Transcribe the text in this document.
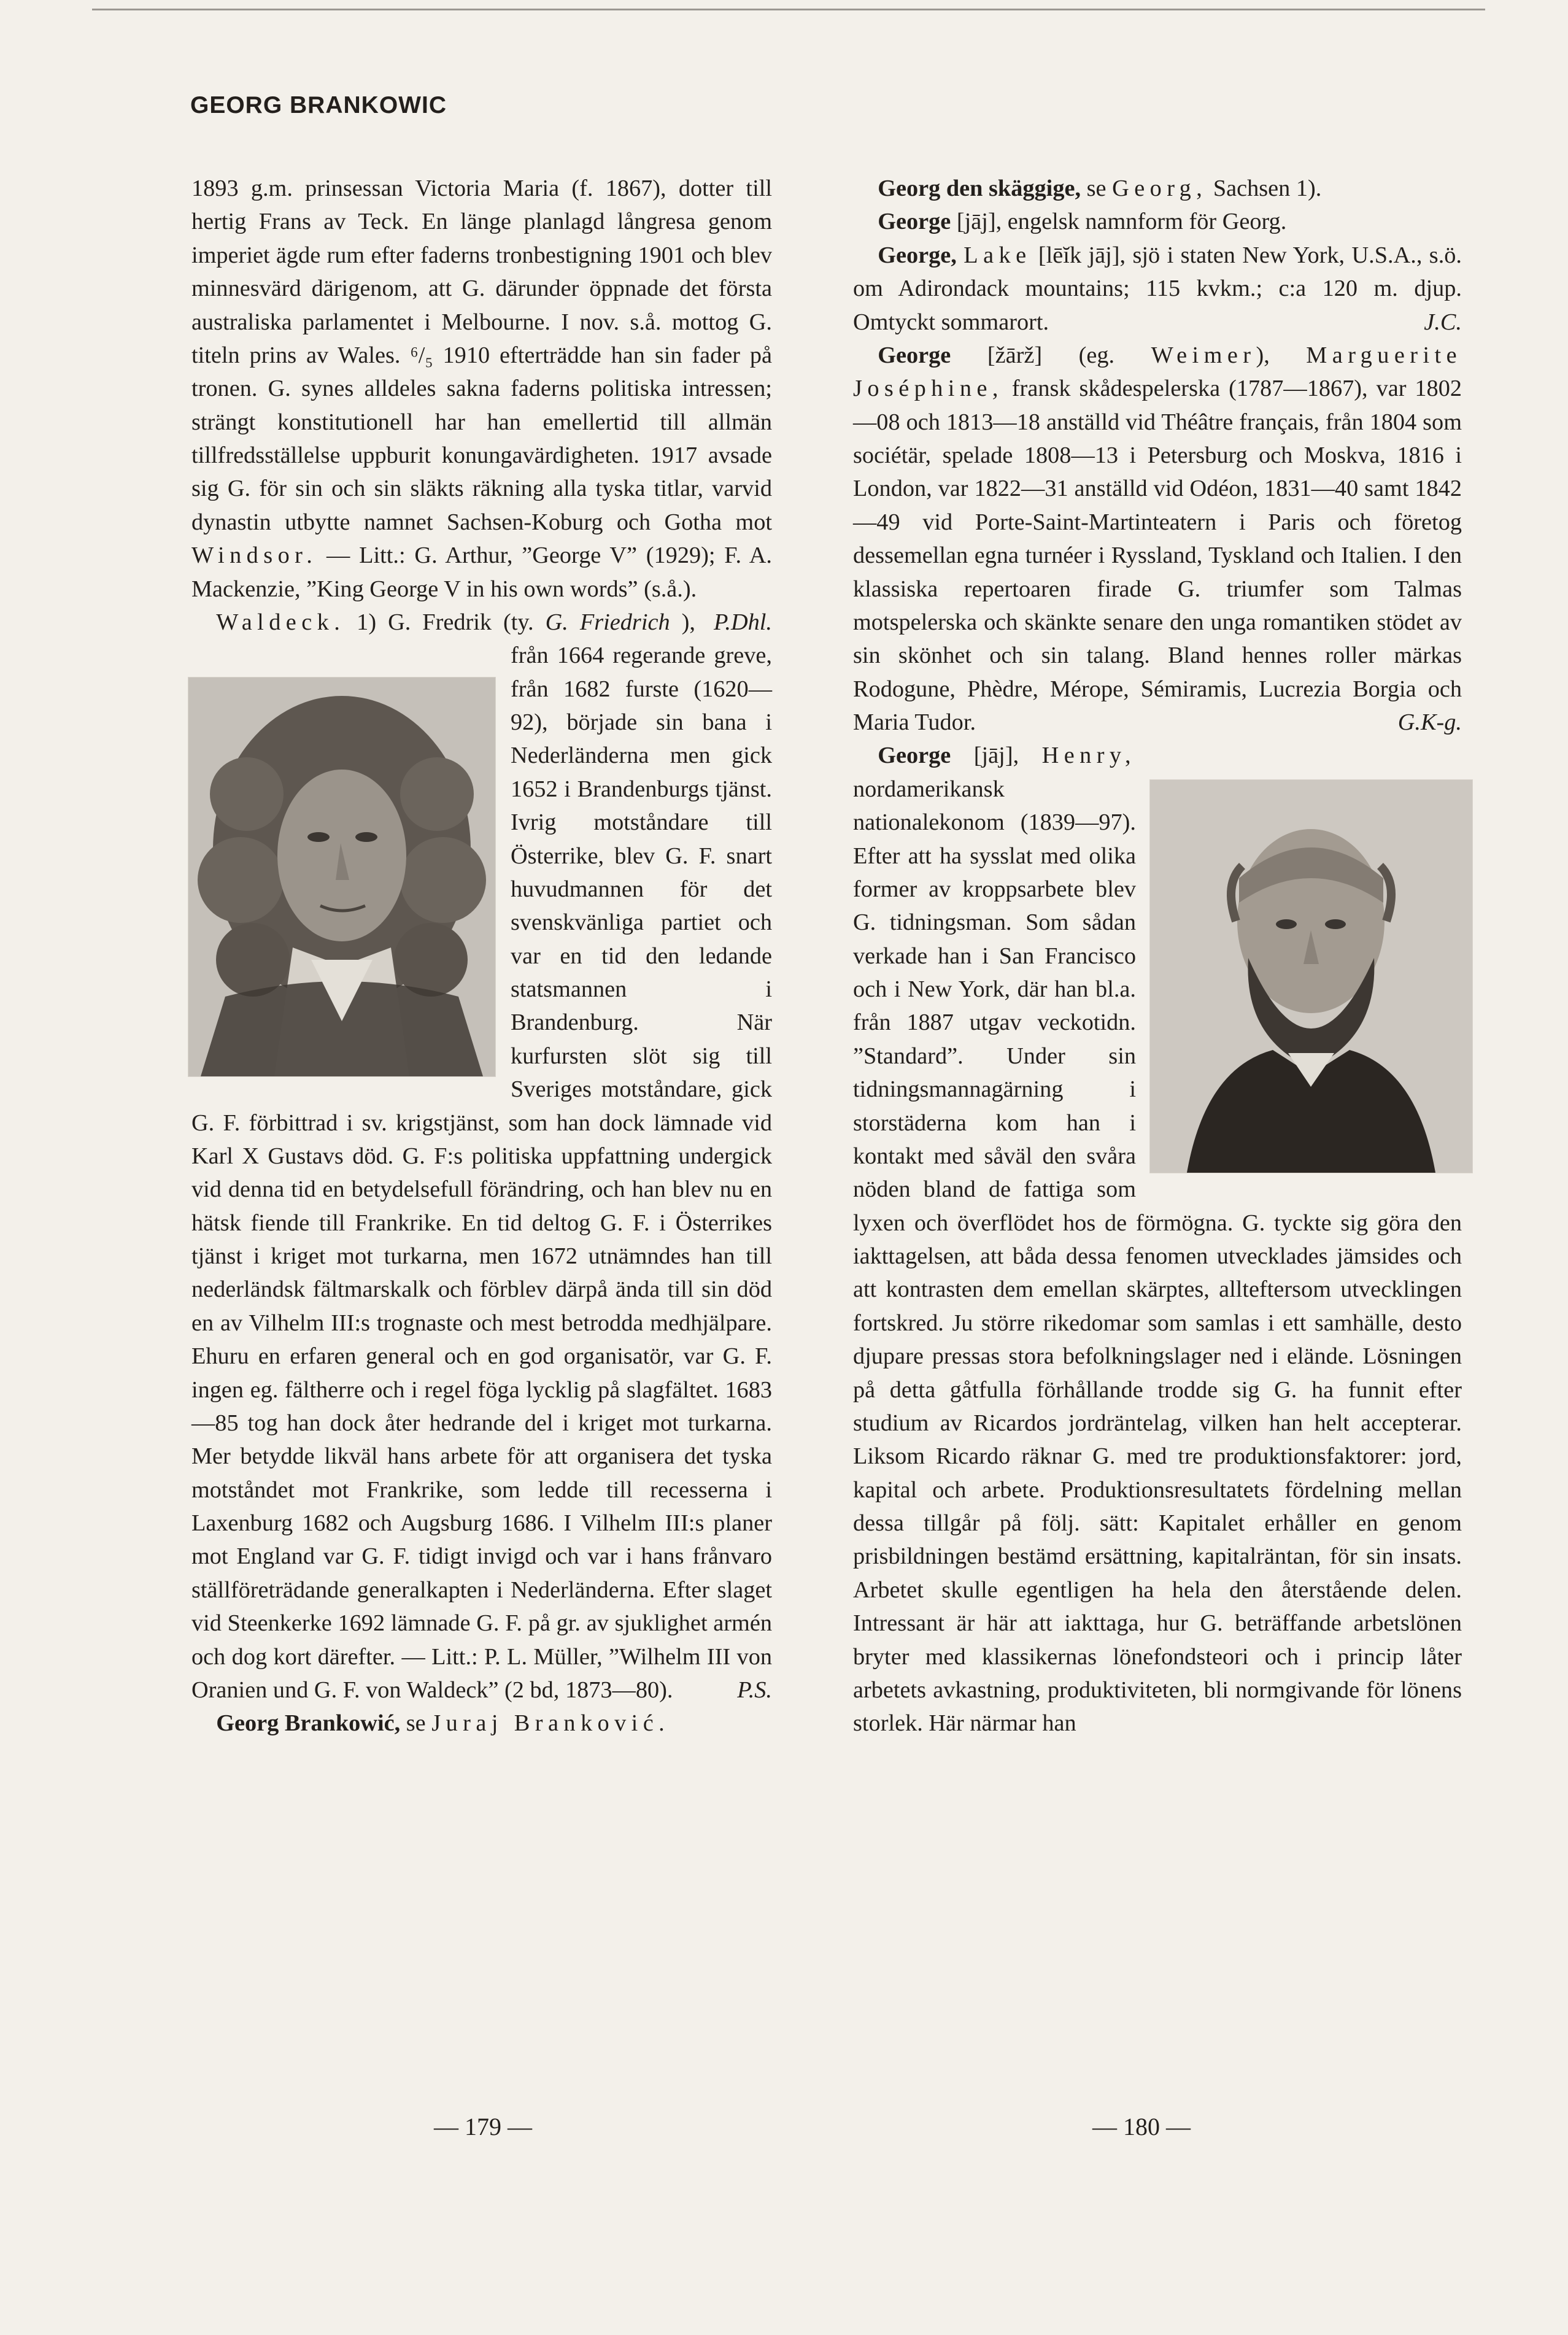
GEORG BRANKOWIC

1893 g.m. prinsessan Victoria Maria (f. 1867), dotter till hertig Frans av Teck. En länge planlagd långresa genom imperiet ägde rum efter faderns tronbestigning 1901 och blev minnesvärd därigenom, att G. därunder öppnade det första australiska parlamentet i Melbourne. I nov. s.å. mottog G. titeln prins av Wales. ⁶/₅ 1910 efterträdde han sin fader på tronen. G. synes alldeles sakna faderns politiska intressen; strängt konstitutionell har han emellertid till allmän tillfredsställelse uppburit konungavärdigheten. 1917 avsade sig G. för sin och sin släkts räkning alla tyska titlar, varvid dynastin utbytte namnet Sachsen-Koburg och Gotha mot Windsor. — Litt.: G. Arthur, ”George V” (1929); F. A. Mackenzie, ”King George V in his own words” (s.å.).
P.Dhl.

Waldeck. 1) G. Fredrik (ty. G. Friedrich ), från 1664 regerande greve, från 1682 furste (1620—92), började sin bana i Nederländerna men gick 1652 i Brandenburgs tjänst. Ivrig motståndare till Österrike, blev G. F. snart huvudmannen för det svenskvänliga partiet och var en tid den ledande statsmannen i Brandenburg. När kurfursten slöt sig till Sveriges motståndare, gick G. F. förbittrad i sv. krigstjänst, som han dock lämnade vid Karl X Gustavs död. G. F:s politiska uppfattning undergick vid denna tid en betydelsefull förändring, och han blev nu en hätsk fiende till Frankrike. En tid deltog G. F. i Österrikes tjänst i kriget mot turkarna, men 1672 utnämndes han till nederländsk fältmarskalk och förblev därpå ända till sin död en av Vilhelm III:s trognaste och mest betrodda medhjälpare. Ehuru en erfaren general och en god organisatör, var G. F. ingen eg. fältherre och i regel föga lycklig på slagfältet. 1683—85 tog han dock åter hedrande del i kriget mot turkarna. Mer betydde likväl hans arbete för att organisera det tyska motståndet mot Frankrike, som ledde till recesserna i Laxenburg 1682 och Augsburg 1686. I Vilhelm III:s planer mot England var G. F. tidigt invigd och var i hans frånvaro ställföreträdande generalkapten i Nederländerna. Efter slaget vid Steenkerke 1692 lämnade G. F. på gr. av sjuklighet armén och dog kort därefter. — Litt.: P. L. Müller, ”Wilhelm III von Oranien und G. F. von Waldeck” (2 bd, 1873—80).	P.S.

Georg Brankowić, se Juraj Branković.

Georg den skäggige, se Georg, Sachsen 1).

George [jāj], engelsk namnform för Georg.

George, Lake [lēĭk jāj], sjö i staten New York, U.S.A., s.ö. om Adirondack mountains; 115 kvkm.; c:a 120 m. djup. Omtyckt sommarort.	J.C.

George [žārž] (eg. Weimer), Marguerite Joséphine, fransk skådespelerska (1787—1867), var 1802—08 och 1813—18 anställd vid Théâtre français, från 1804 som sociétär, spelade 1808—13 i Petersburg och Moskva, 1816 i London, var 1822—31 anställd vid Odéon, 1831—40 samt 1842—49 vid Porte-Saint-Martinteatern i Paris och företog dessemellan egna turnéer i Ryssland, Tyskland och Italien. I den klassiska repertoaren firade G. triumfer som Talmas motspelerska och skänkte senare den unga romantiken stödet av sin skönhet och sin talang. Bland hennes roller märkas Rodogune, Phèdre, Mérope, Sémiramis, Lucrezia Borgia och Maria Tudor.	G.K-g.

George [jāj], Henry,
nordamerikansk nationalekonom (1839—97). Efter att ha sysslat med olika former av kroppsarbete blev G. tidningsman. Som sådan verkade han i San Francisco och i New York, där han bl.a. från 1887 utgav veckotidn. ”Standard”. Under sin tidningsmannagärning i storstäderna kom han i kontakt med såväl den svåra nöden bland de fattiga som lyxen och överflödet hos de förmögna. G. tyckte sig göra den iakttagelsen, att båda dessa fenomen utvecklades jämsides och att kontrasten dem emellan skärptes, allteftersom utvecklingen fortskred. Ju större rikedomar som samlas i ett samhälle, desto djupare pressas stora befolkningslager ned i elände. Lösningen på detta gåtfulla förhållande trodde sig G. ha funnit efter studium av Ricardos jordräntelag, vilken han helt accepterar. Liksom Ricardo räknar G. med tre produktionsfaktorer: jord, kapital och arbete. Produktionsresultatets fördelning mellan dessa tillgår på följ. sätt: Kapitalet erhåller en genom prisbildningen bestämd ersättning, kapitalräntan, för sin insats. Arbetet skulle egentligen ha hela den återstående delen. Intressant är här att iakttaga, hur G. beträffande arbetslönen bryter med klassikernas lönefondsteori och i princip låter arbetets avkastning, produktiviteten, bli normgivande för lönens storlek. Här närmar han

— 179 —	— 180 —
